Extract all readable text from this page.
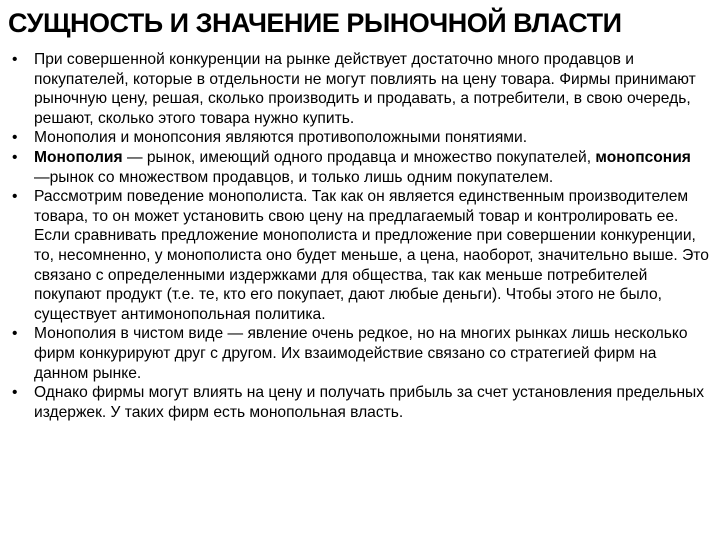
СУЩНОСТЬ И ЗНАЧЕНИЕ РЫНОЧНОЙ ВЛАСТИ
• При совершенной конкуренции на рынке действует достаточно много продавцов и покупателей, которые в отдельности не могут повлиять на цену товара. Фирмы принимают рыночную цену, решая, сколько производить и продавать, а потребители, в свою очередь, решают, сколько этого товара нужно купить.
• Монополия и монопсония являются противоположными понятиями.
• Монополия — рынок, имеющий одного продавца и множество покупателей, монопсония —рынок со множеством продавцов, и только лишь одним покупателем.
• Рассмотрим поведение монополиста. Так как он является единственным производителем товара, то он может установить свою цену на предлагаемый товар и контролировать ее. Если сравнивать предложение монополиста и предложение при совершении конкуренции, то, несомненно, у монополиста оно будет меньше, а цена, наоборот, значительно выше. Это связано с определенными издержками для общества, так как меньше потребителей покупают продукт (т.е. те, кто его покупает, дают любые деньги). Чтобы этого не было, существует антимонопольная политика.
• Монополия в чистом виде — явление очень редкое, но на многих рынках лишь несколько фирм конкурируют друг с другом. Их взаимодействие связано со стратегией фирм на данном рынке.
• Однако фирмы могут влиять на цену и получать прибыль за счет установления предельных издержек. У таких фирм есть монопольная власть.
